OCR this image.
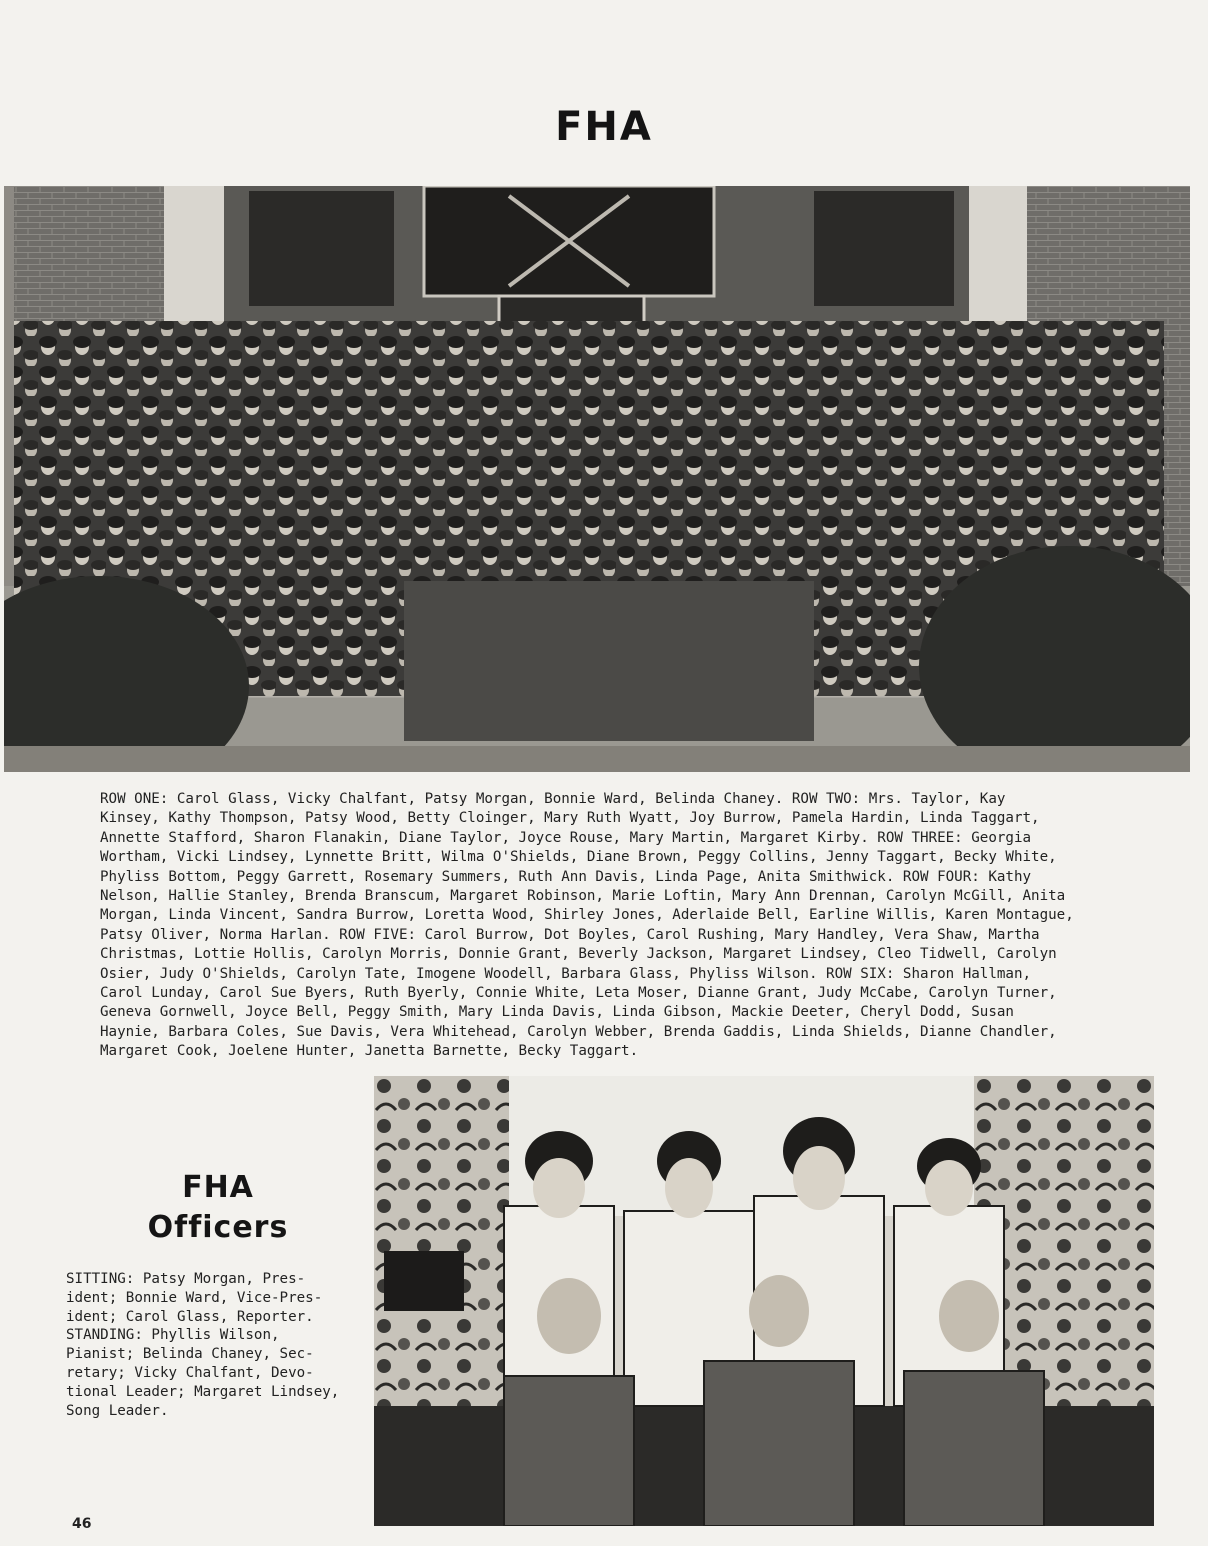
FHA
ROW ONE: Carol Glass, Vicky Chalfant, Patsy Morgan, Bonnie Ward, Belinda Chaney. ROW TWO: Mrs. Taylor, Kay
Kinsey, Kathy Thompson, Patsy Wood, Betty Cloinger, Mary Ruth Wyatt, Joy Burrow, Pamela Hardin, Linda Taggart,
Annette Stafford, Sharon Flanakin, Diane Taylor, Joyce Rouse, Mary Martin, Margaret Kirby. ROW THREE: Georgia
Wortham, Vicki Lindsey, Lynnette Britt, Wilma O'Shields, Diane Brown, Peggy Collins, Jenny Taggart, Becky White,
Phyliss Bottom, Peggy Garrett, Rosemary Summers, Ruth Ann Davis, Linda Page, Anita Smithwick. ROW FOUR: Kathy
Nelson, Hallie Stanley, Brenda Branscum, Margaret Robinson, Marie Loftin, Mary Ann Drennan, Carolyn McGill, Anita
Morgan, Linda Vincent, Sandra Burrow, Loretta Wood, Shirley Jones, Aderlaide Bell, Earline Willis, Karen Montague,
Patsy Oliver, Norma Harlan. ROW FIVE: Carol Burrow, Dot Boyles, Carol Rushing, Mary Handley, Vera Shaw, Martha
Christmas, Lottie Hollis, Carolyn Morris, Donnie Grant, Beverly Jackson, Margaret Lindsey, Cleo Tidwell, Carolyn
Osier, Judy O'Shields, Carolyn Tate, Imogene Woodell, Barbara Glass, Phyliss Wilson. ROW SIX: Sharon Hallman,
Carol Lunday, Carol Sue Byers, Ruth Byerly, Connie White, Leta Moser, Dianne Grant, Judy McCabe, Carolyn Turner,
Geneva Gornwell, Joyce Bell, Peggy Smith, Mary Linda Davis, Linda Gibson, Mackie Deeter, Cheryl Dodd, Susan
Haynie, Barbara Coles, Sue Davis, Vera Whitehead, Carolyn Webber, Brenda Gaddis, Linda Shields, Dianne Chandler,
Margaret Cook, Joelene Hunter, Janetta Barnette, Becky Taggart.
FHA
Officers
SITTING: Patsy Morgan, Pres-
ident; Bonnie Ward, Vice-Pres-
ident; Carol Glass, Reporter.
STANDING: Phyllis Wilson,
Pianist; Belinda Chaney, Sec-
retary; Vicky Chalfant, Devo-
tional Leader; Margaret Lindsey,
Song Leader.
46
